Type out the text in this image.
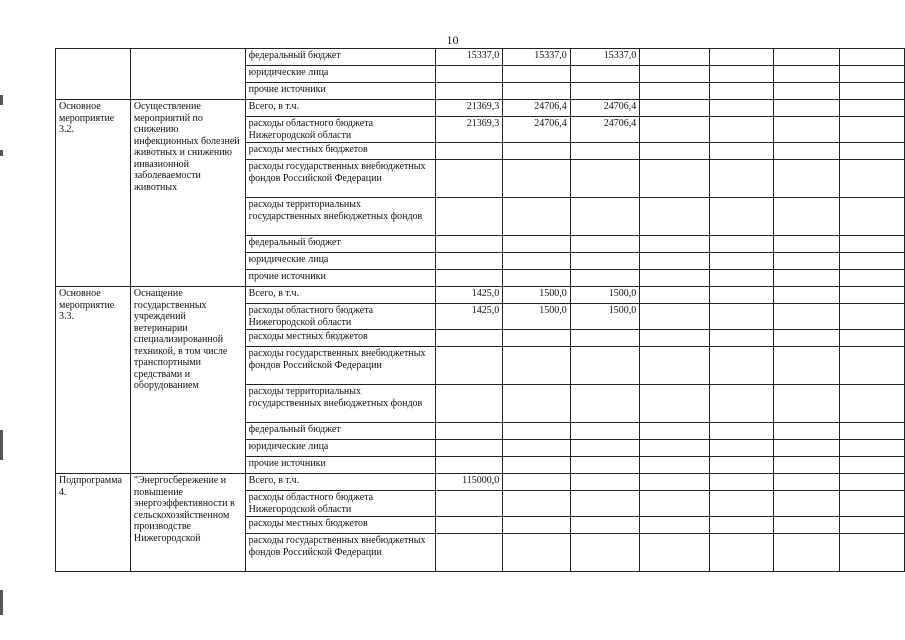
10
		федеральный бюджет	15337,0	15337,0	15337,0				
		юридические лица							
		прочие источники							
Основное мероприятие 3.2.	Осуществление мероприятий по снижению инфекционных болезней животных и снижению инвазионной заболеваемости животных	Всего, в т.ч.	21369,3	24706,4	24706,4				
		расходы областного бюджета Нижегородской области	21369,3	24706,4	24706,4				
		расходы местных бюджетов							
		расходы государственных внебюджетных фондов Российской Федерации							
		расходы территориальных государственных внебюджетных фондов							
		федеральный бюджет							
		юридические лица							
		прочие источники							
Основное мероприятие 3.3.	Оснащение государственных учреждений ветеринарии специализированной техникой, в том числе транспортными средствами и оборудованием	Всего, в т.ч.	1425,0	1500,0	1500,0				
		расходы областного бюджета Нижегородской области	1425,0	1500,0	1500,0				
		расходы местных бюджетов							
		расходы государственных внебюджетных фондов Российской Федерации							
		расходы территориальных государственных внебюджетных фондов							
		федеральный бюджет							
		юридические лица							
		прочие источники							
Подпрограмма 4.	"Энергосбережение и повышение энергоэффективности в сельскохозяйственном производстве Нижегородской	Всего, в т.ч.	115000,0						
		расходы областного бюджета Нижегородской области							
		расходы местных бюджетов							
		расходы государственных внебюджетных фондов Российской Федерации							
